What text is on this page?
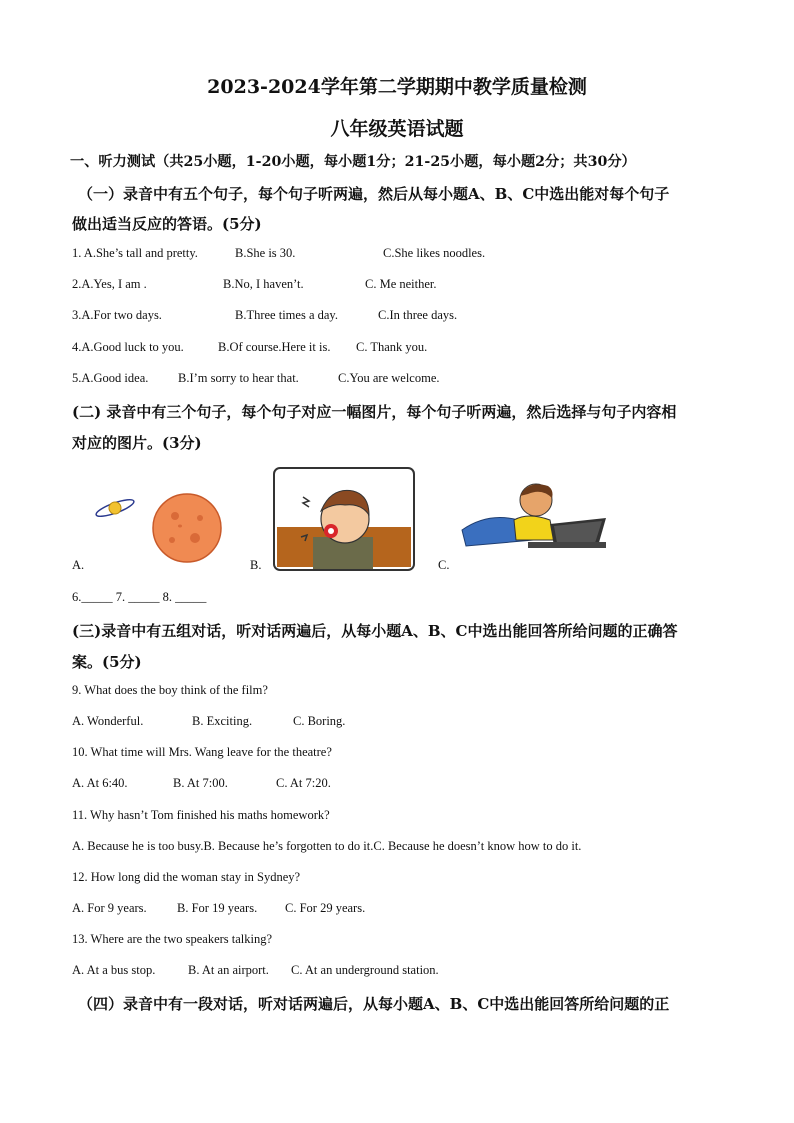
2023-2024学年第二学期期中教学质量检测
八年级英语试题
一、听力测试（共25小题，1-20小题，每小题1分；21-25小题，每小题2分；共30分）
（一）录音中有五个句子，每个句子听两遍，然后从每小题A、B、C中选出能对每个句子
做出适当反应的答语。(5分)
1. A.She’s tall and pretty.	B.She is 30.	C.She likes noodles.
2.A.Yes, I am .	B.No, I haven’t.	C. Me neither.
3.A.For two days.	B.Three times a day.	C.In three days.
4.A.Good luck to you.	B.Of course.Here it is. C. Thank you.
5.A.Good idea. B.I’m sorry to hear that.	C.You are welcome.
(二) 录音中有三个句子，每个句子对应一幅图片，每个句子听两遍，然后选择与句子内容相
对应的图片。(3分)
A.	B.	C.
6._____ 7. _____ 8. _____
(三)录音中有五组对话，听对话两遍后，从每小题A、B、C中选出能回答所给问题的正确答
案。(5分)
9. What does the boy think of the film?
A. Wonderful.	B. Exciting.	C. Boring.
10. What time will Mrs. Wang leave for the theatre?
A. At 6:40.	B. At 7:00.	C. At 7:20.
11. Why hasn’t Tom finished his maths homework?
A. Because he is too busy.B. Because he’s forgotten to do it.C. Because he doesn’t know how to do it.
12. How long did the woman stay in Sydney?
A. For 9 years. B. For 19 years. C. For 29 years.
13. Where are the two speakers talking?
A. At a bus stop.	B. At an airport. C. At an underground station.
（四）录音中有一段对话，听对话两遍后，从每小题A、B、C中选出能回答所给问题的正
